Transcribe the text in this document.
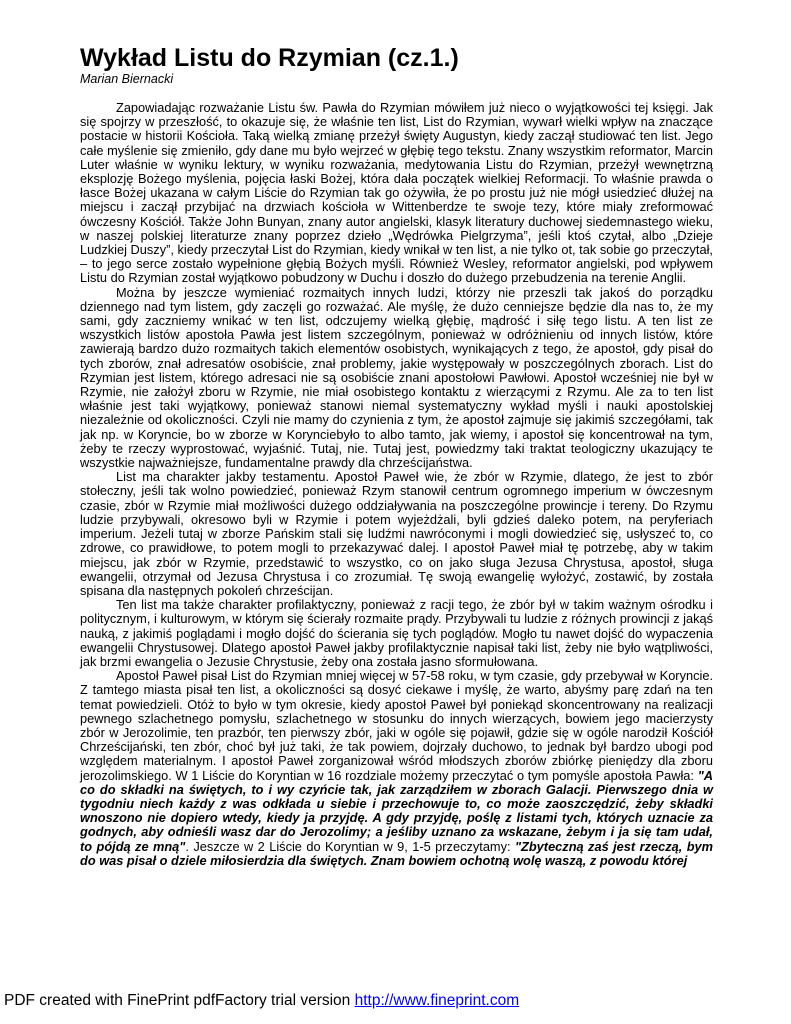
Wykład Listu do Rzymian (cz.1.)

Marian Biernacki

Zapowiadając rozważanie Listu św. Pawła do Rzymian mówiłem już nieco o wyjątkowości tej księgi. Jak się spojrzy w przeszłość, to okazuje się, że właśnie ten list, List do Rzymian, wywarł wielki wpływ na znaczące postacie w historii Kościoła. Taką wielką zmianę przeżył święty Augustyn, kiedy zaczął studiować ten list. Jego całe myślenie się zmieniło, gdy dane mu było wejrzeć w głębię tego tekstu. Znany wszystkim reformator, Marcin Luter właśnie w wyniku lektury, w wyniku rozważania, medytowania Listu do Rzymian, przeżył wewnętrzną eksplozję Bożego myślenia, pojęcia łaski Bożej, która dała początek wielkiej Reformacji. To właśnie prawda o łasce Bożej ukazana w całym Liście do Rzymian tak go ożywiła, że po prostu już nie mógł usiedzieć dłużej na miejscu i zaczął przybijać na drzwiach kościoła w Wittenberdze te swoje tezy, które miały zreformować ówczesny Kościół. Także John Bunyan, znany autor angielski, klasyk literatury duchowej siedemnastego wieku, w naszej polskiej literaturze znany poprzez dzieło „Wędrówka Pielgrzyma”, jeśli ktoś czytał, albo „Dzieje Ludzkiej Duszy”, kiedy przeczytał List do Rzymian, kiedy wnikał w ten list, a nie tylko ot, tak sobie go przeczytał, – to jego serce zostało wypełnione głębią Bożych myśli. Również Wesley, reformator angielski, pod wpływem Listu do Rzymian został wyjątkowo pobudzony w Duchu i doszło do dużego przebudzenia na terenie Anglii.

Można by jeszcze wymieniać rozmaitych innych ludzi, którzy nie przeszli tak jakoś do porządku dziennego nad tym listem, gdy zaczęli go rozważać. Ale myślę, że dużo cenniejsze będzie dla nas to, że my sami, gdy zaczniemy wnikać w ten list, odczujemy wielką głębię, mądrość i siłę tego listu. A ten list ze wszystkich listów apostoła Pawła jest listem szczególnym, ponieważ w odróżnieniu od innych listów, które zawierają bardzo dużo rozmaitych takich elementów osobistych, wynikających z tego, że apostoł, gdy pisał do tych zborów, znał adresatów osobiście, znał problemy, jakie występowały w poszczególnych zborach. List do Rzymian jest listem, którego adresaci nie są osobiście znani apostołowi Pawłowi. Apostoł wcześniej nie był w Rzymie, nie założył zboru w Rzymie, nie miał osobistego kontaktu z wierzącymi z Rzymu. Ale za to ten list właśnie jest taki wyjątkowy, ponieważ stanowi niemal systematyczny wykład myśli i nauki apostolskiej niezależnie od okoliczności. Czyli nie mamy do czynienia z tym, że apostoł zajmuje się jakimiś szczegółami, tak jak np. w Koryncie, bo w zborze w Korynciebyło to albo tamto, jak wiemy, i apostoł się koncentrował na tym, żeby te rzeczy wyprostować, wyjaśnić. Tutaj, nie. Tutaj jest, powiedzmy taki traktat teologiczny ukazujący te wszystkie najważniejsze, fundamentalne prawdy dla chrześcijaństwa.

List ma charakter jakby testamentu. Apostoł Paweł wie, że zbór w Rzymie, dlatego, że jest to zbór stołeczny, jeśli tak wolno powiedzieć, ponieważ Rzym stanowił centrum ogromnego imperium w ówczesnym czasie, zbór w Rzymie miał możliwości dużego oddziaływania na poszczególne prowincje i tereny. Do Rzymu ludzie przybywali, okresowo byli w Rzymie i potem wyjeżdżali, byli gdzieś daleko potem, na peryferiach imperium. Jeżeli tutaj w zborze Pańskim stali się ludźmi nawróconymi i mogli dowiedzieć się, usłyszeć to, co zdrowe, co prawidłowe, to potem mogli to przekazywać dalej. I apostoł Paweł miał tę potrzebę, aby w takim miejscu, jak zbór w Rzymie, przedstawić to wszystko, co on jako sługa Jezusa Chrystusa, apostoł, sługa ewangelii, otrzymał od Jezusa Chrystusa i co zrozumiał. Tę swoją ewangelię wyłożyć, zostawić, by została spisana dla następnych pokoleń chrześcijan.

Ten list ma także charakter profilaktyczny, ponieważ z racji tego, że zbór był w takim ważnym ośrodku i politycznym, i kulturowym, w którym się ścierały rozmaite prądy. Przybywali tu ludzie z różnych prowincji z jakąś nauką, z jakimiś poglądami i mogło dojść do ścierania się tych poglądów. Mogło tu nawet dojść do wypaczenia ewangelii Chrystusowej. Dlatego apostoł Paweł jakby profilaktycznie napisał taki list, żeby nie było wątpliwości, jak brzmi ewangelia o Jezusie Chrystusie, żeby ona została jasno sformułowana.

Apostoł Paweł pisał List do Rzymian mniej więcej w 57-58 roku, w tym czasie, gdy przebywał w Koryncie. Z tamtego miasta pisał ten list, a okoliczności są dosyć ciekawe i myślę, że warto, abyśmy parę zdań na ten temat powiedzieli. Otóż to było w tym okresie, kiedy apostoł Paweł był poniekąd skoncentrowany na realizacji pewnego szlachetnego pomysłu, szlachetnego w stosunku do innych wierzących, bowiem jego macierzysty zbór w Jerozolimie, ten prazbór, ten pierwszy zbór, jaki w ogóle się pojawił, gdzie się w ogóle narodził Kościół Chrześcijański, ten zbór, choć był już taki, że tak powiem, dojrzały duchowo, to jednak był bardzo ubogi pod względem materialnym. I apostoł Paweł zorganizował wśród młodszych zborów zbiórkę pieniędzy dla zboru jerozolimskiego. W 1 Liście do Koryntian w 16 rozdziale możemy przeczytać o tym pomyśle apostoła Pawła: "A co do składki na świętych, to i wy czyńcie tak, jak zarządziłem w zborach Galacji. Pierwszego dnia w tygodniu niech każdy z was odkłada u siebie i przechowuje to, co może zaoszczędzić, żeby składki wnoszono nie dopiero wtedy, kiedy ja przyjdę. A gdy przyjdę, poślę z listami tych, których uznacie za godnych, aby odnieśli wasz dar do Jerozolimy; a jeśliby uznano za wskazane, żebym i ja się tam udał, to pójdą ze mną". Jeszcze w 2 Liście do Koryntian w 9, 1-5 przeczytamy: "Zbyteczną zaś jest rzeczą, bym do was pisał o dziele miłosierdzia dla świętych. Znam bowiem ochotną wolę waszą, z powodu której

PDF created with FinePrint pdfFactory trial version http://www.fineprint.com
